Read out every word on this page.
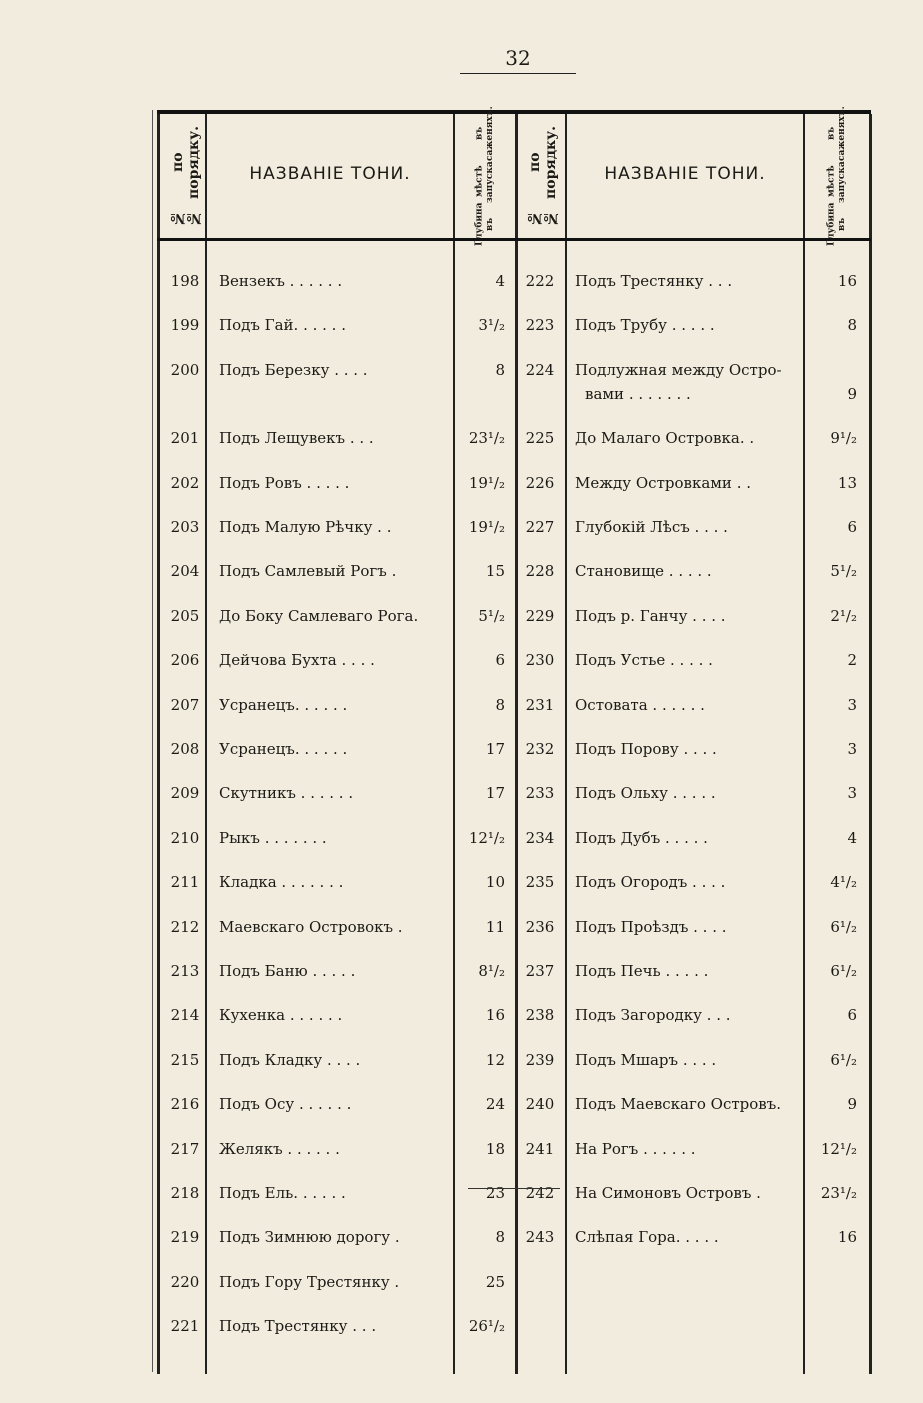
32
№№
по порядку.	НАЗВАНІЕ ТОНИ.
Глубина въ
мѣстѣ запуска
въ саженяхъ.
№№
по порядку.	НАЗВАНІЕ ТОНИ.
Глубина въ
мѣстѣ запуска
въ саженяхъ.
198	Вензекъ . . . . . .	4
199	Подъ Гай. . . . . .	3¹/₂
200	Подъ Березку . . . .	8
201	Подъ Лещувекъ . . .	23¹/₂
202	Подъ Ровъ . . . . .	19¹/₂
203	Подъ Малую Рѣчку . .	19¹/₂
204	Подъ Самлевый Рогъ .	15
205	До Боку Самлеваго Рога.	5¹/₂
206	Дейчова Бухта . . . .	6
207	Усранецъ. . . . . .	8
208	Усранецъ. . . . . .	17
209	Скутникъ . . . . . .	17
210	Рыкъ . . . . . . .	12¹/₂
211	Кладка . . . . . . .	10
212	Маевскаго Островокъ .	11
213	Подъ Баню . . . . .	8¹/₂
214	Кухенка . . . . . .	16
215	Подъ Кладку . . . .	12
216	Подъ Осу . . . . . .	24
217	Желякъ . . . . . .	18
218	Подъ Ель. . . . . .	23
219	Подъ Зимнюю дорогу .	8
220	Подъ Гору Трестянку .	25
221	Подъ Трестянку . . .	26¹/₂
222	Подъ Трестянку . . .	16
223	Подъ Трубу . . . . .	8
224	Подлужная между Остро-
вами . . . . . . .	9
225	До Малаго Островка. .	9¹/₂
226	Между Островками . .	13
227	Глубокій Лѣсъ . . . .	6
228	Становище . . . . .	5¹/₂
229	Подъ р. Ганчу . . . .	2¹/₂
230	Подъ Устье . . . . .	2
231	Остовата . . . . . .	3
232	Подъ Порову . . . .	3
233	Подъ Ольху . . . . .	3
234	Подъ Дубъ . . . . .	4
235	Подъ Огородъ . . . .	4¹/₂
236	Подъ Проѣздъ . . . .	6¹/₂
237	Подъ Печь . . . . .	6¹/₂
238	Подъ Загородку . . .	6
239	Подъ Мшаръ . . . .	6¹/₂
240	Подъ Маевскаго Островъ.	9
241	На Рогъ . . . . . .	12¹/₂
242	На Симоновъ Островъ .	23¹/₂
243	Слѣпая Гора. . . . .	16
